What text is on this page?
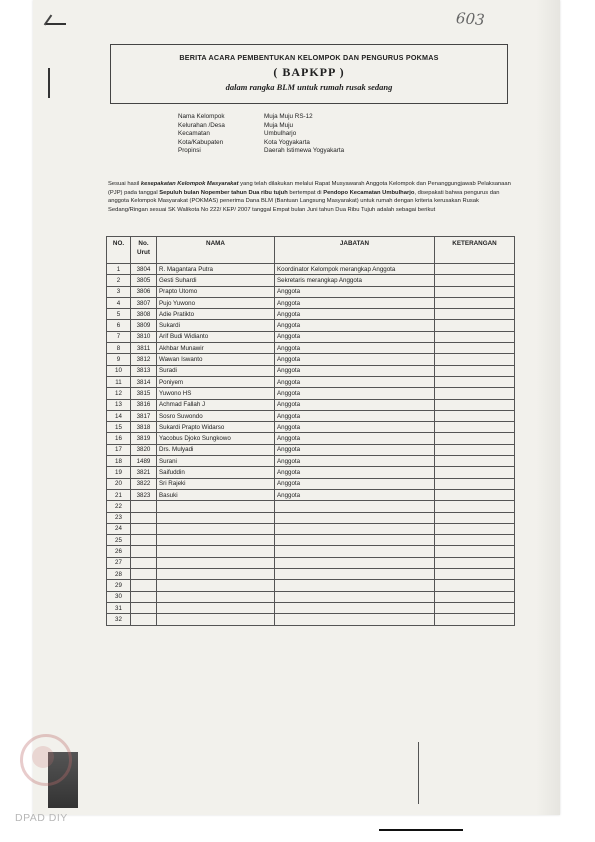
603
BERITA ACARA PEMBENTUKAN KELOMPOK DAN PENGURUS POKMAS
( BAPKPP )
dalam rangka BLM untuk rumah rusak sedang
Nama Kelompok	Muja Muju RS-12
Kelurahan /Desa	Muja Muju
Kecamatan	Umbulharjo
Kota/Kabupaten	Kota Yogyakarta
Propinsi	Daerah Istimewa Yogyakarta
Sesuai hasil kesepakatan Kelompok Masyarakat yang telah dilakukan melalui Rapat Musyawarah Anggota Kelompok dan Penanggungjawab Pelaksanaan (PJP) pada tanggal Sepuluh bulan Nopember tahun Dua ribu tujuh bertempat di Pendopo Kecamatan Umbulharjo, disepakati bahwa pengurus dan anggota Kelompok Masyarakat (POKMAS) penerima Dana BLM (Bantuan Langsung Masyarakat) untuk rumah dengan kriteria kerusakan Rusak Sedang/Ringan sesuai SK Walikota No 222/ KEP/ 2007 tanggal Empat bulan Juni tahun Dua Ribu Tujuh adalah sebagai berikut
NO.	No. Urut	NAMA	JABATAN	KETERANGAN
1	3804	R. Magantara Putra	Koordinator Kelompok merangkap Anggota	
2	3805	Gesti Suhardi	Sekretaris merangkap Anggota	
3	3806	Prapto Utomo	Anggota	
4	3807	Pujo Yuwono	Anggota	
5	3808	Adie Pratikto	Anggota	
6	3809	Sukardi	Anggota	
7	3810	Arif Budi Widianto	Anggota	
8	3811	Akhbar Munawir	Anggota	
9	3812	Wawan Iswanto	Anggota	
10	3813	Suradi	Anggota	
11	3814	Poniyem	Anggota	
12	3815	Yuwono HS	Anggota	
13	3816	Achmad Fallah J	Anggota	
14	3817	Sosro Suwondo	Anggota	
15	3818	Sukardi Prapto Widarso	Anggota	
16	3819	Yacobus Djoko Sungkowo	Anggota	
17	3820	Drs. Mulyadi	Anggota	
18	1489	Surani	Anggota	
19	3821	Saifuddin	Anggota	
20	3822	Sri Rajeki	Anggota	
21	3823	Basuki	Anggota	
22				
23				
24				
25				
26				
27				
28				
29				
30				
31				
32				
DPAD DIY
